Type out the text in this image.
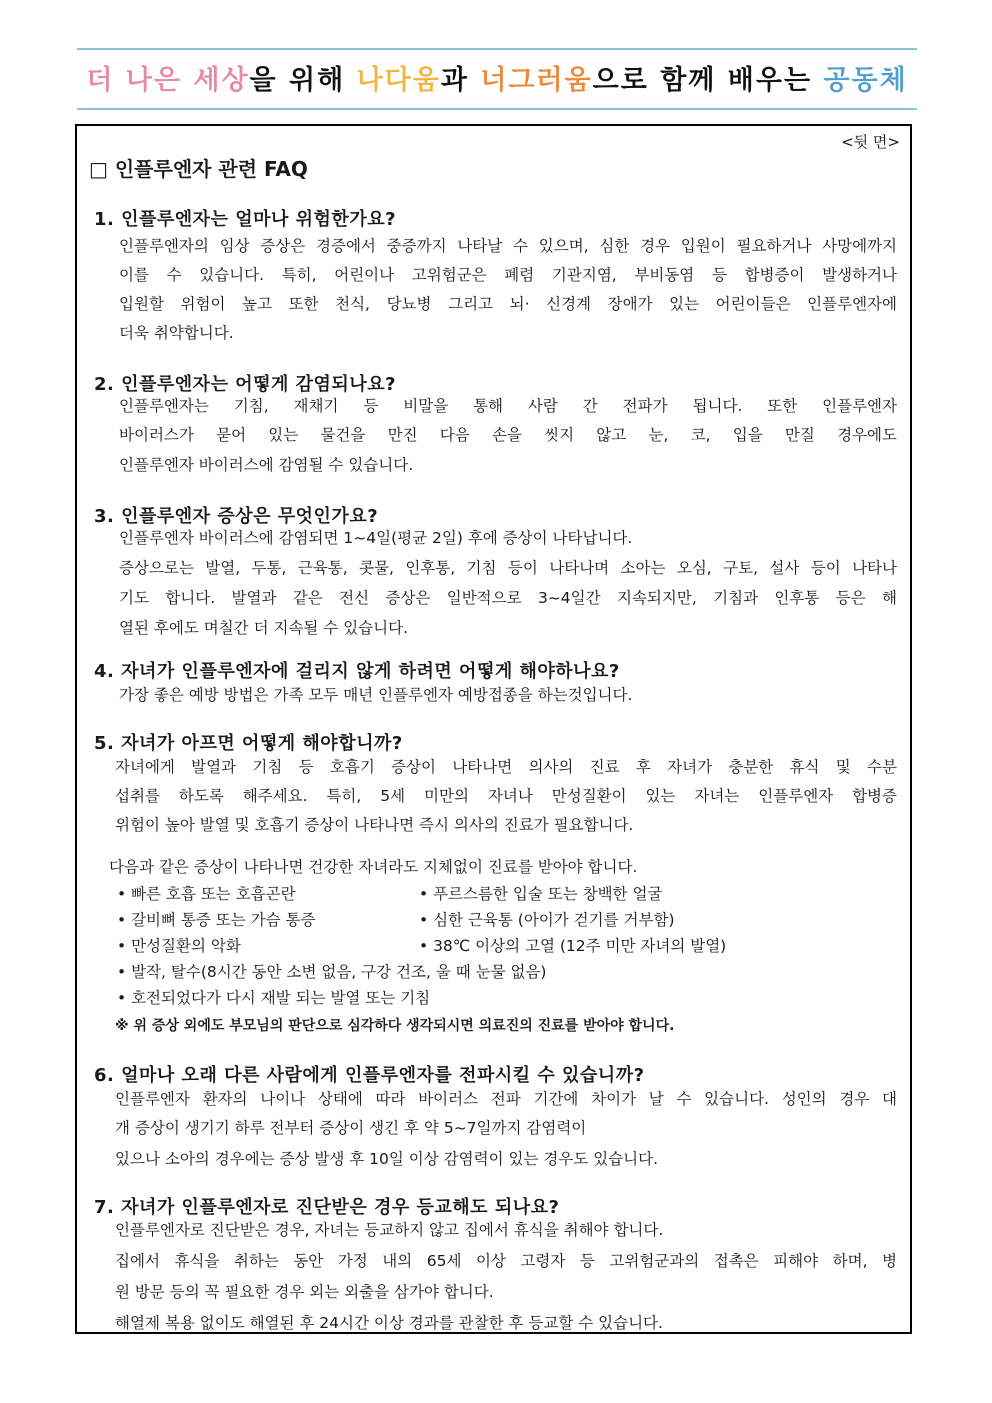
더 나은 세상을 위해 나다움과 너그러움으로 함께 배우는 공동체
<뒷 면>
□ 인플루엔자 관련 FAQ
1. 인플루엔자는 얼마나 위험한가요?
인플루엔자의 임상 증상은 경증에서 중증까지 나타날 수 있으며, 심한 경우 입원이 필요하거나 사망에까지
이를 수 있습니다. 특히, 어린이나 고위험군은 폐렴 기관지염, 부비동염 등 합병증이 발생하거나
입원할 위험이 높고 또한 천식, 당뇨병 그리고 뇌· 신경계 장애가 있는 어린이들은 인플루엔자에
더욱 취약합니다.
2. 인플루엔자는 어떻게 감염되나요?
인플루엔자는 기침, 재채기 등 비말을 통해 사람 간 전파가 됩니다. 또한 인플루엔자
바이러스가 묻어 있는 물건을 만진 다음 손을 씻지 않고 눈, 코, 입을 만질 경우에도
인플루엔자 바이러스에 감염될 수 있습니다.
3. 인플루엔자 증상은 무엇인가요?
인플루엔자 바이러스에 감염되면 1~4일(평균 2일) 후에 증상이 나타납니다.
증상으로는 발열, 두통, 근육통, 콧물, 인후통, 기침 등이 나타나며 소아는 오심, 구토, 설사 등이 나타나
기도 합니다. 발열과 같은 전신 증상은 일반적으로 3~4일간 지속되지만, 기침과 인후통 등은 해
열된 후에도 며칠간 더 지속될 수 있습니다.
4. 자녀가 인플루엔자에 걸리지 않게 하려면 어떻게 해야하나요?
가장 좋은 예방 방법은 가족 모두 매년 인플루엔자 예방접종을 하는것입니다.
5. 자녀가 아프면 어떻게 해야합니까?
자녀에게 발열과 기침 등 호흡기 증상이 나타나면 의사의 진료 후 자녀가 충분한 휴식 및 수분
섭취를 하도록 해주세요. 특히, 5세 미만의 자녀나 만성질환이 있는 자녀는 인플루엔자 합병증
위험이 높아 발열 및 호흡기 증상이 나타나면 즉시 의사의 진료가 필요합니다.
다음과 같은 증상이 나타나면 건강한 자녀라도 지체없이 진료를 받아야 합니다.
• 빠른 호흡 또는 호흡곤란
• 갈비뼈 통증 또는 가슴 통증
• 만성질환의 악화
• 푸르스름한 입술 또는 창백한 얼굴
• 심한 근육통 (아이가 걷기를 거부함)
• 38℃ 이상의 고열 (12주 미만 자녀의 발열)
• 발작, 탈수(8시간 동안 소변 없음, 구강 건조, 울 때 눈물 없음)
• 호전되었다가 다시 재발 되는 발열 또는 기침
※ 위 증상 외에도 부모님의 판단으로 심각하다 생각되시면 의료진의 진료를 받아야 합니다.
6. 얼마나 오래 다른 사람에게 인플루엔자를 전파시킬 수 있습니까?
인플루엔자 환자의 나이나 상태에 따라 바이러스 전파 기간에 차이가 날 수 있습니다. 성인의 경우 대
개 증상이 생기기 하루 전부터 증상이 생긴 후 약 5~7일까지 감염력이
있으나 소아의 경우에는 증상 발생 후 10일 이상 감염력이 있는 경우도 있습니다.
7. 자녀가 인플루엔자로 진단받은 경우 등교해도 되나요?
인플루엔자로 진단받은 경우, 자녀는 등교하지 않고 집에서 휴식을 취해야 합니다.
집에서 휴식을 취하는 동안 가정 내의 65세 이상 고령자 등 고위험군과의 접촉은 피해야 하며, 병
원 방문 등의 꼭 필요한 경우 외는 외출을 삼가야 합니다.
해열제 복용 없이도 해열된 후 24시간 이상 경과를 관찰한 후 등교할 수 있습니다.
